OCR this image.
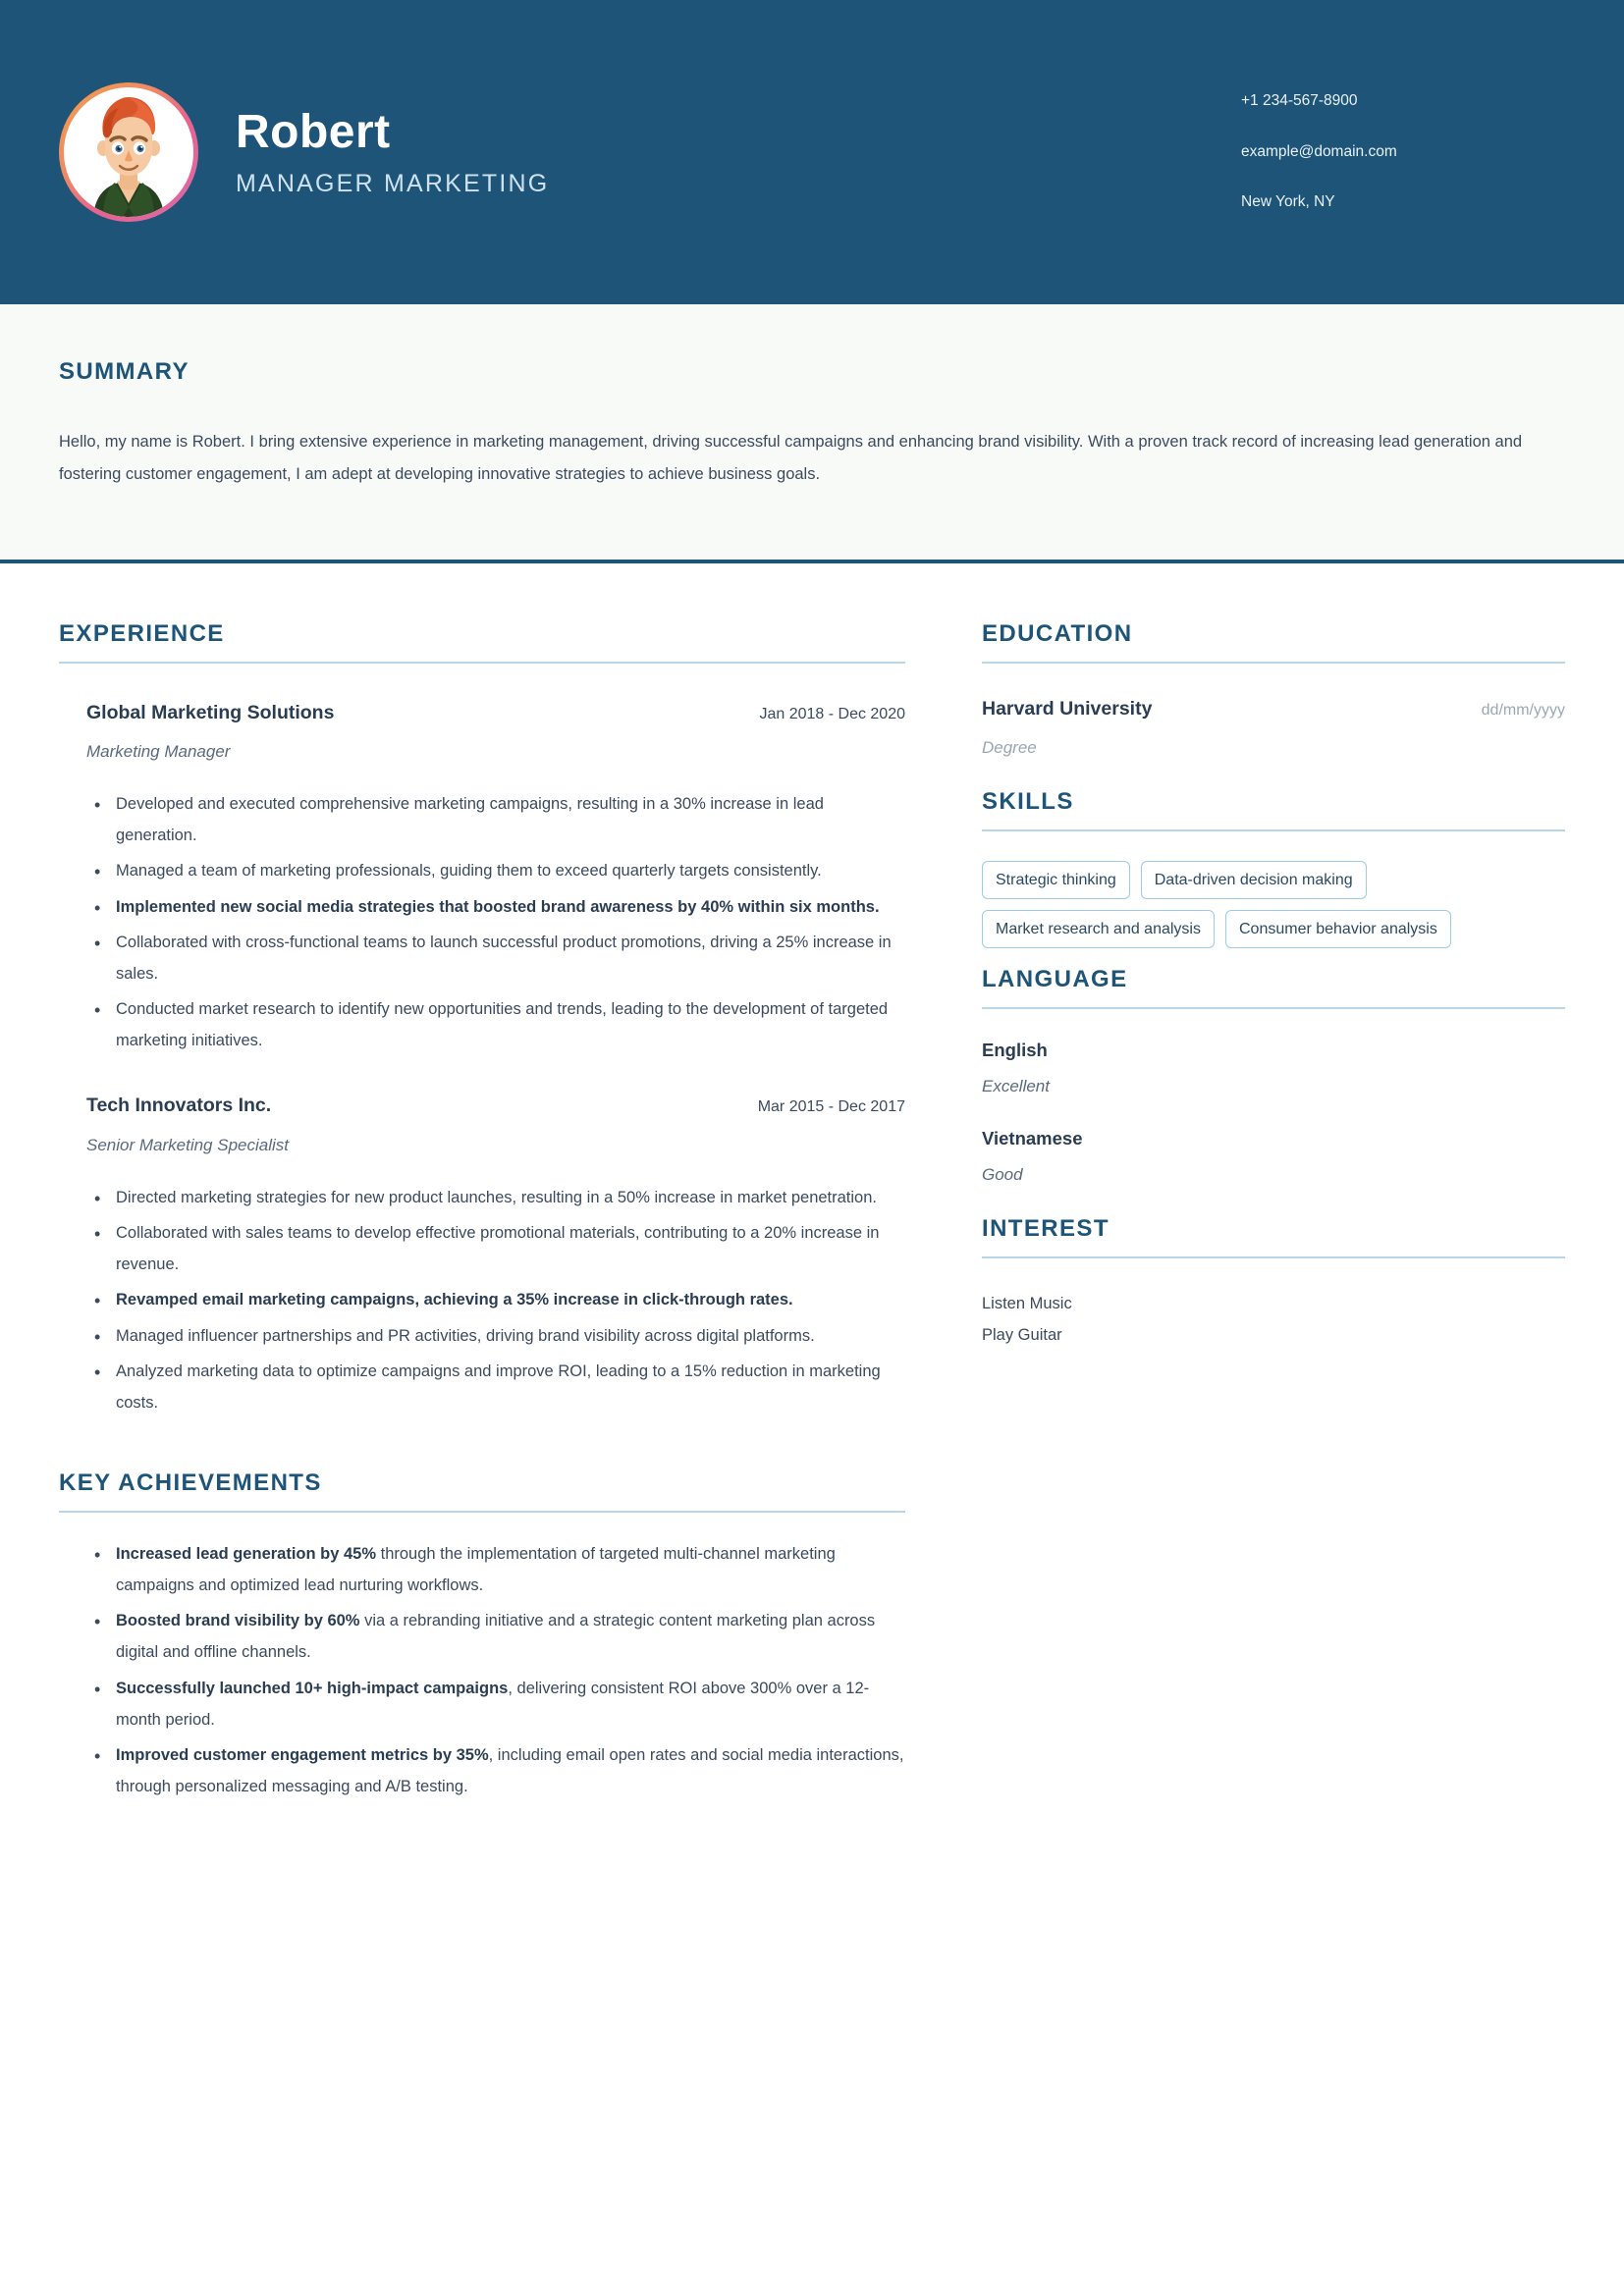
Robert
MANAGER MARKETING
+1 234-567-8900
example@domain.com
New York, NY
SUMMARY
Hello, my name is Robert. I bring extensive experience in marketing management, driving successful campaigns and enhancing brand visibility. With a proven track record of increasing lead generation and fostering customer engagement, I am adept at developing innovative strategies to achieve business goals.
EXPERIENCE
Global Marketing Solutions	Jan 2018 - Dec 2020
Marketing Manager
• Developed and executed comprehensive marketing campaigns, resulting in a 30% increase in lead generation.
• Managed a team of marketing professionals, guiding them to exceed quarterly targets consistently.
• Implemented new social media strategies that boosted brand awareness by 40% within six months.
• Collaborated with cross-functional teams to launch successful product promotions, driving a 25% increase in sales.
• Conducted market research to identify new opportunities and trends, leading to the development of targeted marketing initiatives.
Tech Innovators Inc.	Mar 2015 - Dec 2017
Senior Marketing Specialist
• Directed marketing strategies for new product launches, resulting in a 50% increase in market penetration.
• Collaborated with sales teams to develop effective promotional materials, contributing to a 20% increase in revenue.
• Revamped email marketing campaigns, achieving a 35% increase in click-through rates.
• Managed influencer partnerships and PR activities, driving brand visibility across digital platforms.
• Analyzed marketing data to optimize campaigns and improve ROI, leading to a 15% reduction in marketing costs.
KEY ACHIEVEMENTS
• Increased lead generation by 45% through the implementation of targeted multi-channel marketing campaigns and optimized lead nurturing workflows.
• Boosted brand visibility by 60% via a rebranding initiative and a strategic content marketing plan across digital and offline channels.
• Successfully launched 10+ high-impact campaigns, delivering consistent ROI above 300% over a 12-month period.
• Improved customer engagement metrics by 35%, including email open rates and social media interactions, through personalized messaging and A/B testing.
EDUCATION
Harvard University	dd/mm/yyyy
Degree
SKILLS
Strategic thinking	Data-driven decision making
Market research and analysis	Consumer behavior analysis
LANGUAGE
English
Excellent
Vietnamese
Good
INTEREST
Listen Music
Play Guitar
